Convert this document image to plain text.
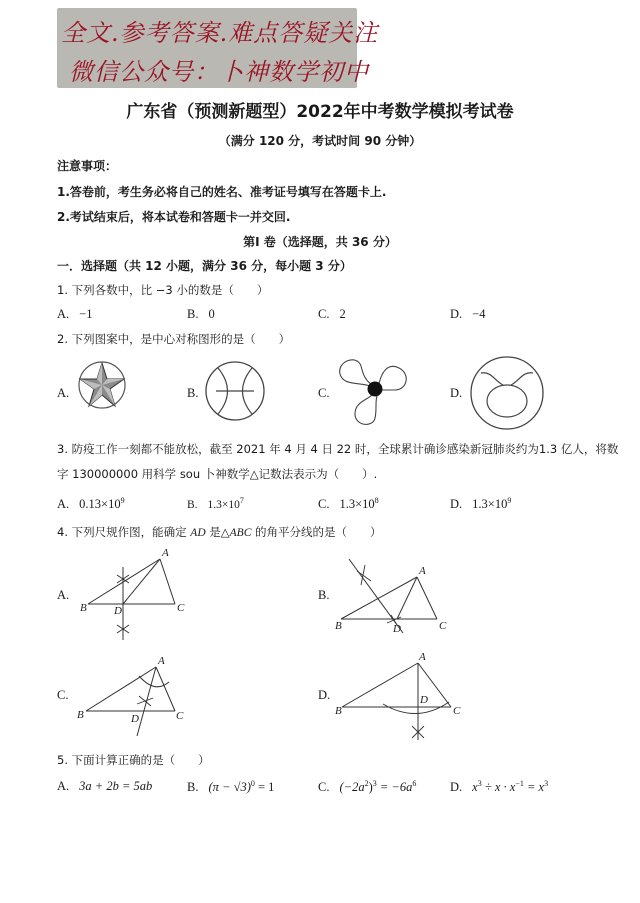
全文.参考答案.难点答疑关注
微信公众号：卜神数学初中
广东省（预测新题型）2022年中考数学模拟考试卷
（满分 120 分，考试时间 90 分钟）
注意事项：
1.答卷前，考生务必将自己的姓名、准考证号填写在答题卡上.
2.考试结束后，将本试卷和答题卡一并交回.
第I 卷（选择题，共 36 分）
一．选择题（共 12 小题，满分 36 分，每小题 3 分）
1. 下列各数中，比 −3 小的数是（　　）
A. −1	B. 0	C. 2	D. −4
2. 下列图案中，是中心对称图形的是（　　）
A.	B.	C.	D.
3. 防疫工作一刻都不能放松，截至 2021 年 4 月 4 日 22 时，全球累计确诊感染新冠肺炎约为1.3 亿人，将数
字 130000000 用科学 sou 卜神数学△记数法表示为（　　）.
A. $0.13\times 10^9$	B. $1.3\times 10^7$	C. $1.3\times 10^8$	D. $1.3\times 10^9$
4. 下列尺规作图，能确定 AD 是△ABC 的角平分线的是（　　）
A.
A
B	C
D
B.
A
B	C
D
C.
A
B	C
D
D.
A
B	C
D
5. 下面计算正确的是（　　）
A. 3a + 2b = 5ab	B. $(\pi - √3)^0 = 1$	C. $(-2a^2)^3 = -6a^6$	D. $x^3 \div x \cdot x^{-1} = x^3$
